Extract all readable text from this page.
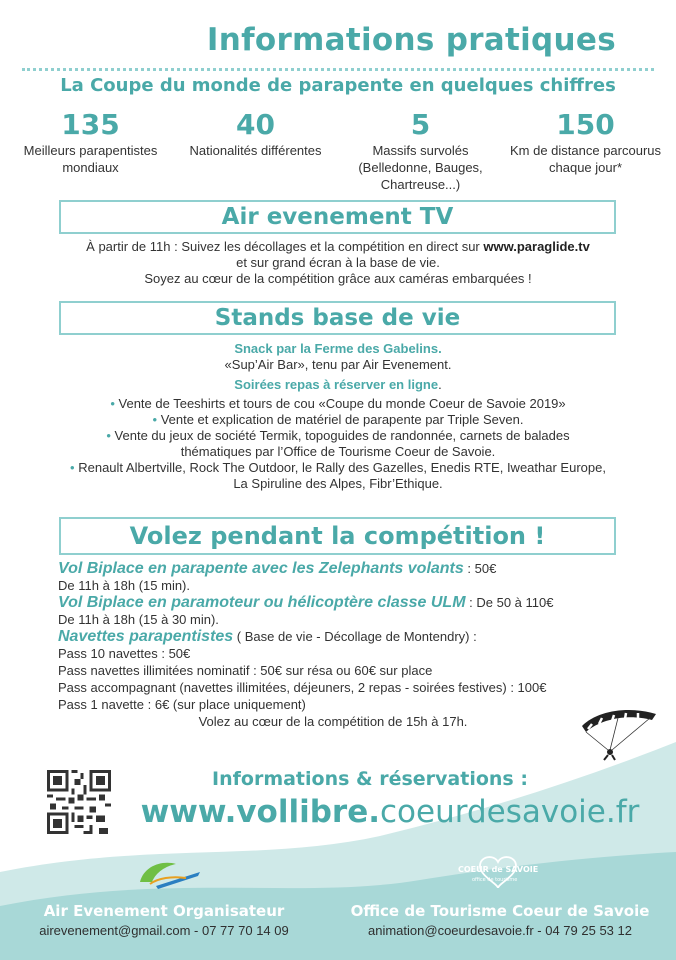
Informations pratiques
La Coupe du monde de parapente en quelques chiffres
135
Meilleurs parapentistes
mondiaux
40
Nationalités différentes
5
Massifs survolés
(Belledonne, Bauges,
Chartreuse...)
150
Km de distance parcourus
chaque jour*
Air evenement TV
À partir de 11h : Suivez les décollages et la compétition en direct sur www.paraglide.tv
et sur grand écran à la base de vie.
Soyez au cœur de la compétition grâce aux caméras embarquées !
Stands base de vie
Snack par la Ferme des Gabelins.
«Sup’Air Bar», tenu par Air Evenement.
Soirées repas à réserver en ligne.
• Vente de Teeshirts et tours de cou «Coupe du monde Coeur de Savoie 2019»
• Vente et explication de matériel de parapente par Triple Seven.
• Vente du jeux de société Termik, topoguides de randonnée, carnets de balades
thématiques par l’Office de Tourisme Coeur de Savoie.
• Renault Albertville, Rock The Outdoor, le Rally des Gazelles, Enedis RTE, Iweathar Europe,
La Spiruline des Alpes, Fibr’Ethique.
Volez pendant la compétition !
Vol Biplace en parapente avec les Zelephants volants : 50€
De 11h à 18h (15 min).
Vol Biplace en paramoteur ou hélicoptère classe ULM : De 50 à 110€
De 11h à 18h (15 à 30 min).
Navettes parapentistes ( Base de vie - Décollage de Montendry) :
Pass 10 navettes : 50€
Pass navettes illimitées nominatif : 50€ sur résa ou 60€ sur place
Pass accompagnant (navettes illimitées, déjeuners, 2 repas - soirées festives) : 100€
Pass 1 navette : 6€ (sur place uniquement)
Volez au cœur de la compétition de 15h à 17h.
Informations & réservations :
www.vollibre.coeurdesavoie.fr
COEUR de SAVOIE
office de tourisme
Air Evenement Organisateur
airevenement@gmail.com - 07 77 70 14 09
Office de Tourisme Coeur de Savoie
animation@coeurdesavoie.fr - 04 79 25 53 12
